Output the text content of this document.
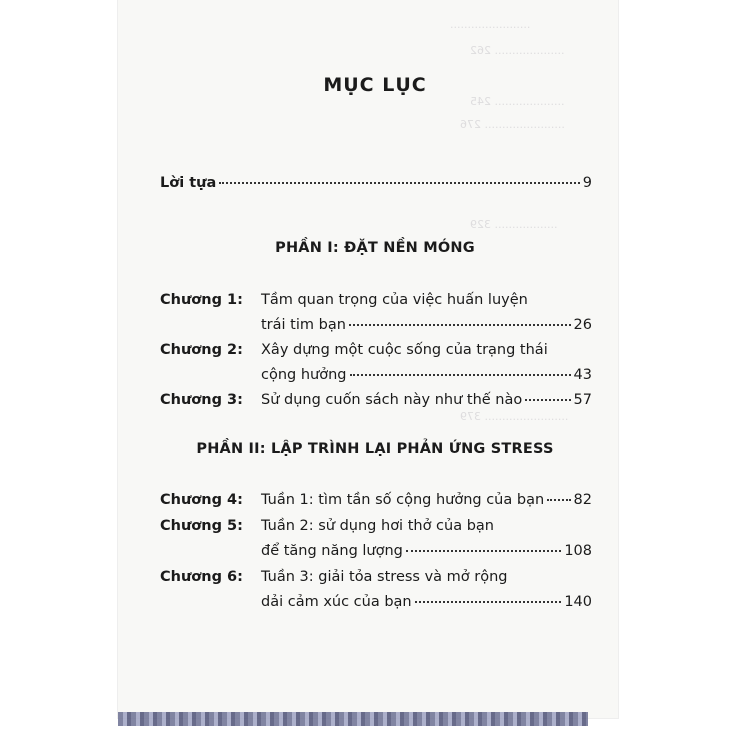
.......................
.................... 262
.................... 245
....................... 276
.................. 329
........................ 379
MỤC LỤC
Lời tựa	9
PHẦN I: ĐẶT NỀN MÓNG
Chương 1: Tầm quan trọng của việc huấn luyện
trái tim bạn	26
Chương 2: Xây dựng một cuộc sống của trạng thái
cộng hưởng	43
Chương 3: Sử dụng cuốn sách này như thế nào	57
PHẦN II: LẬP TRÌNH LẠI PHẢN ỨNG STRESS
Chương 4: Tuần 1: tìm tần số cộng hưởng của bạn 82
Chương 5: Tuần 2: sử dụng hơi thở của bạn
để tăng năng lượng	108
Chương 6: Tuần 3: giải tỏa stress và mở rộng
dải cảm xúc của bạn	140
